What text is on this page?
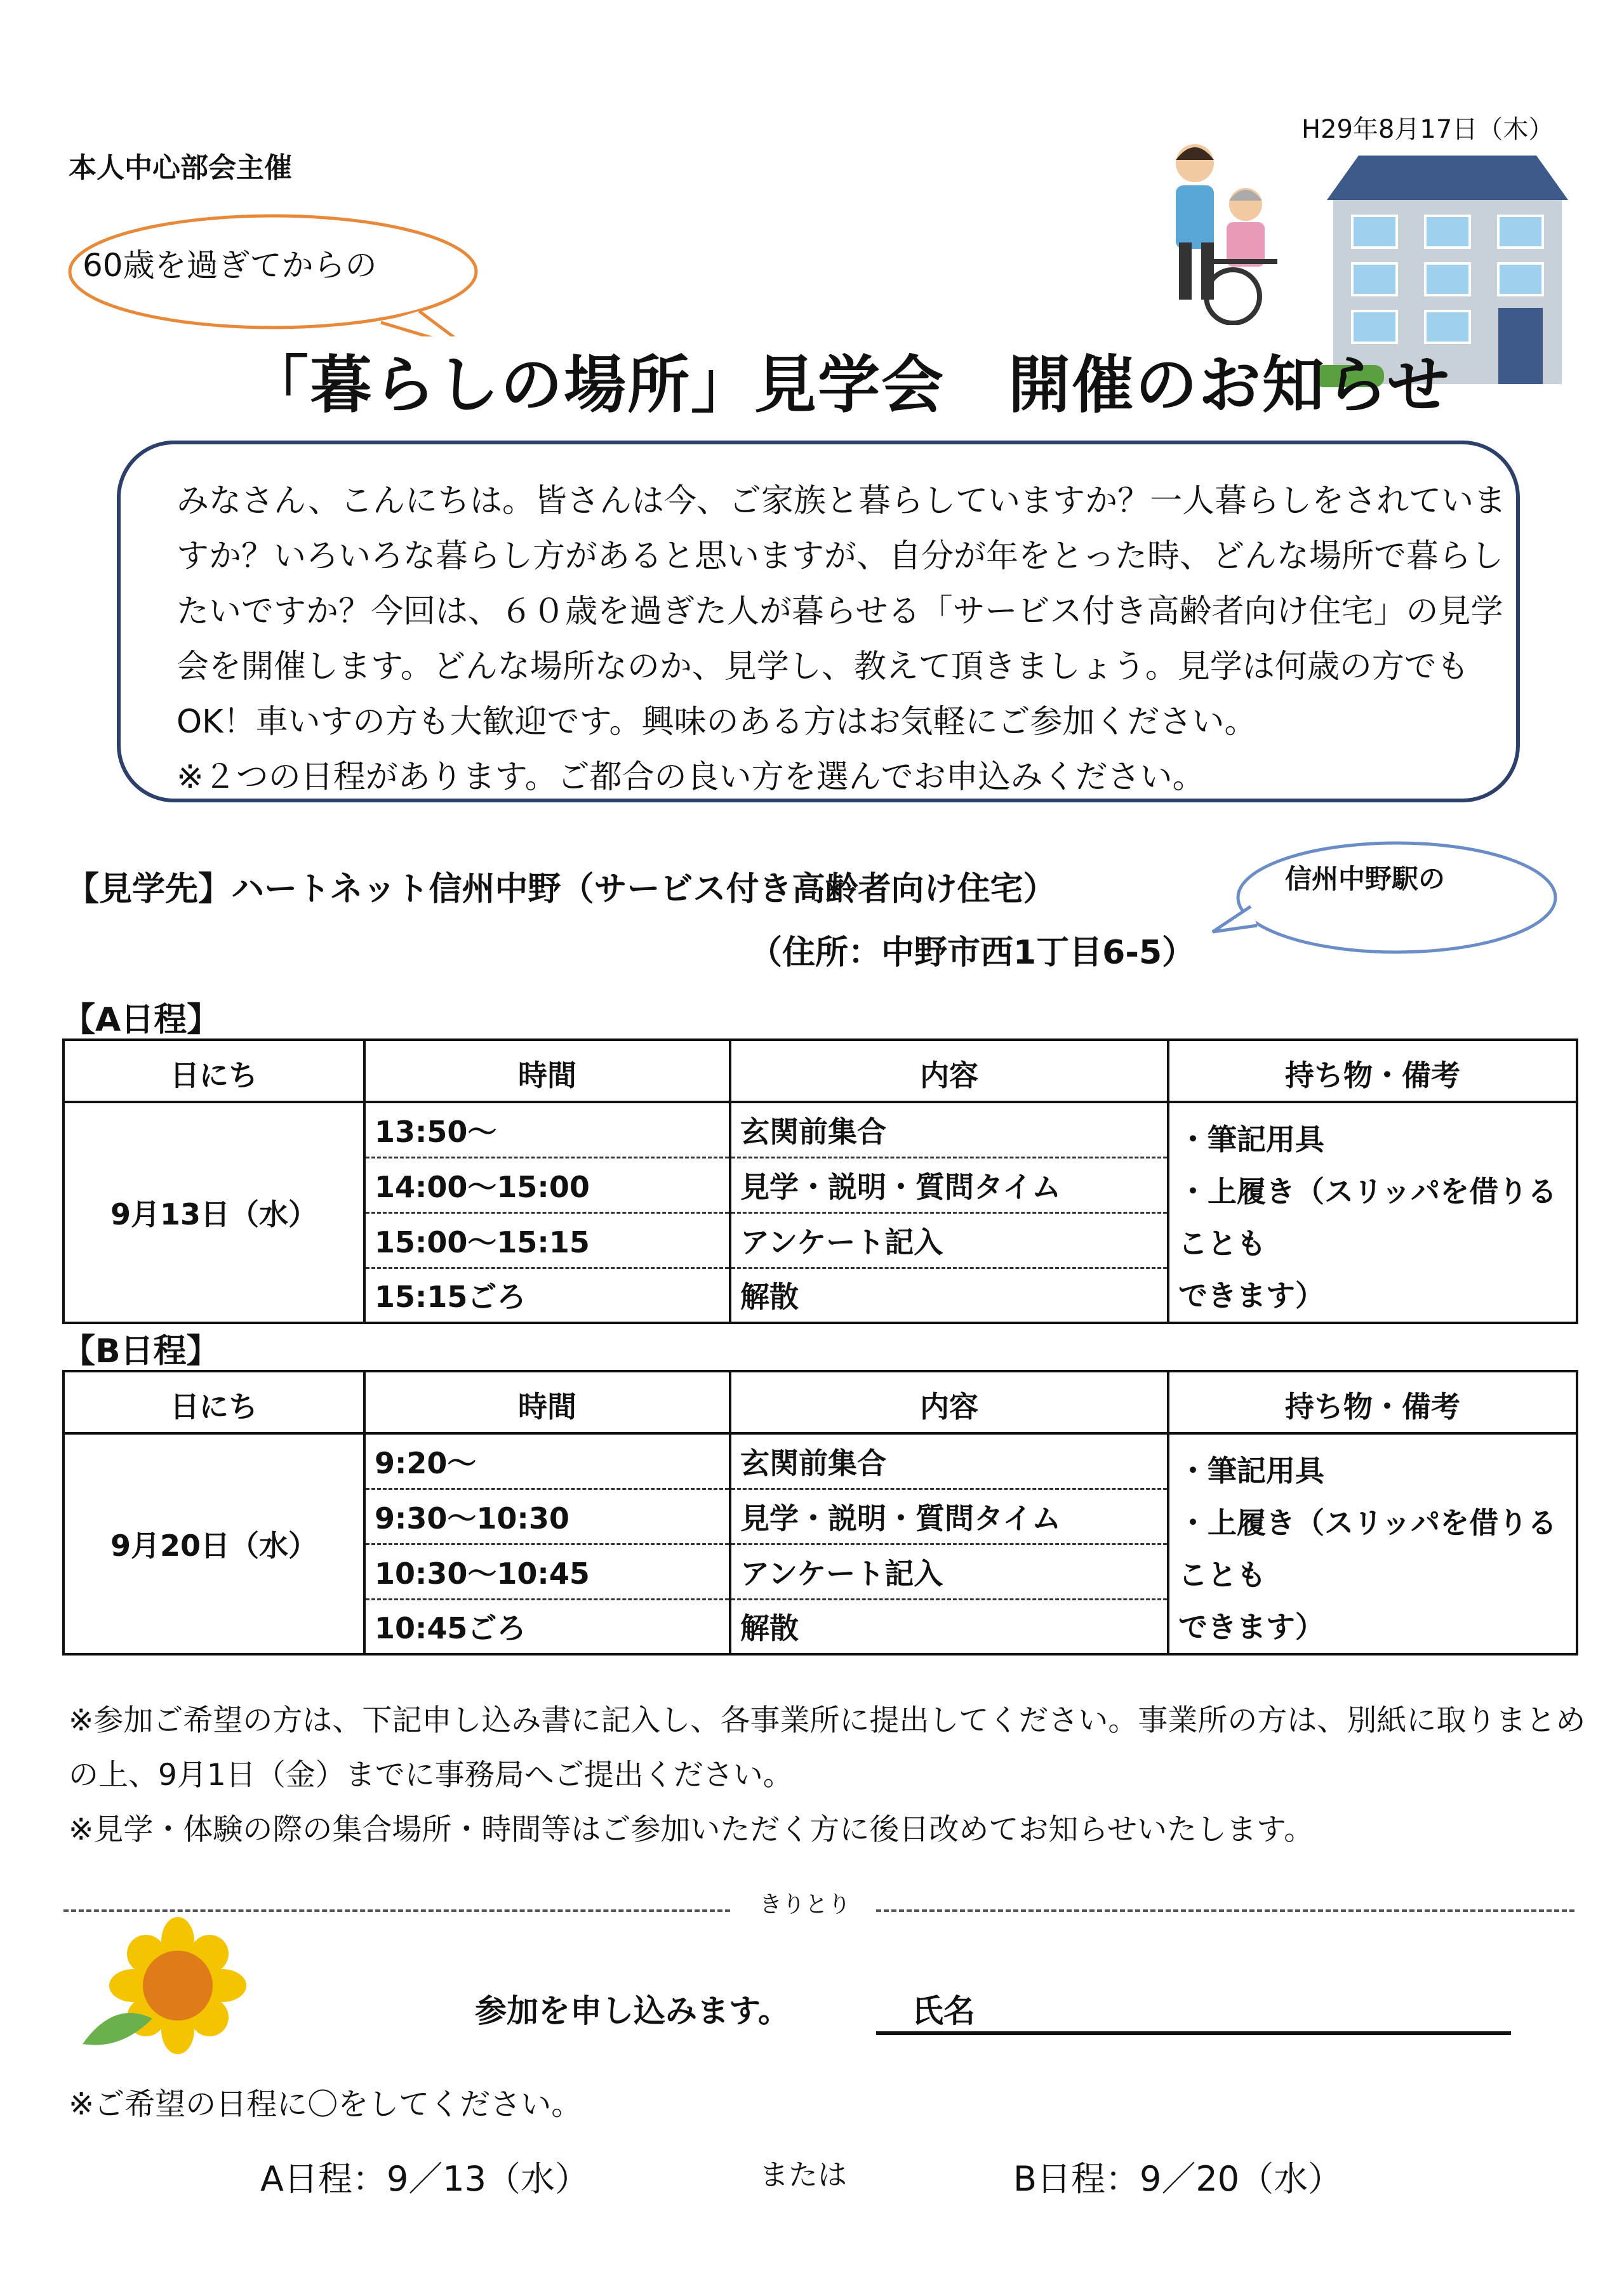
H29年8月17日（木）
本人中心部会主催
60歳を過ぎてからの
「暮らしの場所」見学会　開催のお知らせ

みなさん、こんにちは。皆さんは今、ご家族と暮らしていますか？一人暮らしをされていま

すか？いろいろな暮らし方があると思いますが、自分が年をとった時、どんな場所で暮らし

たいですか？今回は、６０歳を過ぎた人が暮らせる「サービス付き高齢者向け住宅」の見学

会を開催します。どんな場所なのか、見学し、教えて頂きましょう。見学は何歳の方でも

OK！車いすの方も大歓迎です。興味のある方はお気軽にご参加ください。

※２つの日程があります。ご都合の良い方を選んでお申込みください。

【見学先】ハートネット信州中野（サービス付き高齢者向け住宅）
（住所：中野市西1丁目6-5）
信州中野駅の
【A日程】
日にち	時間	内容	持ち物・備考
9月13日（水）	13:50〜	玄関前集合	・筆記用具
・上履き（スリッパを借りることも
できます）

	14:00〜15:00	見学・説明・質問タイム	
	15:00〜15:15	アンケート記入	
	15:15ごろ	解散	
【B日程】
日にち	時間	内容	持ち物・備考
9月20日（水）	9:20〜	玄関前集合	・筆記用具
・上履き（スリッパを借りることも
できます）

	9:30〜10:30	見学・説明・質問タイム	
	10:30〜10:45	アンケート記入	
	10:45ごろ	解散	

※参加ご希望の方は、下記申し込み書に記入し、各事業所に提出してください。事業所の方は、別紙に取りまとめ

の上、9月1日（金）までに事務局へご提出ください。

※見学・体験の際の集合場所・時間等はご参加いただく方に後日改めてお知らせいたします。

きりとり
参加を申し込みます。	氏名
※ご希望の日程に〇をしてください。
A日程：9／13（水）	または	B日程：9／20（水）
